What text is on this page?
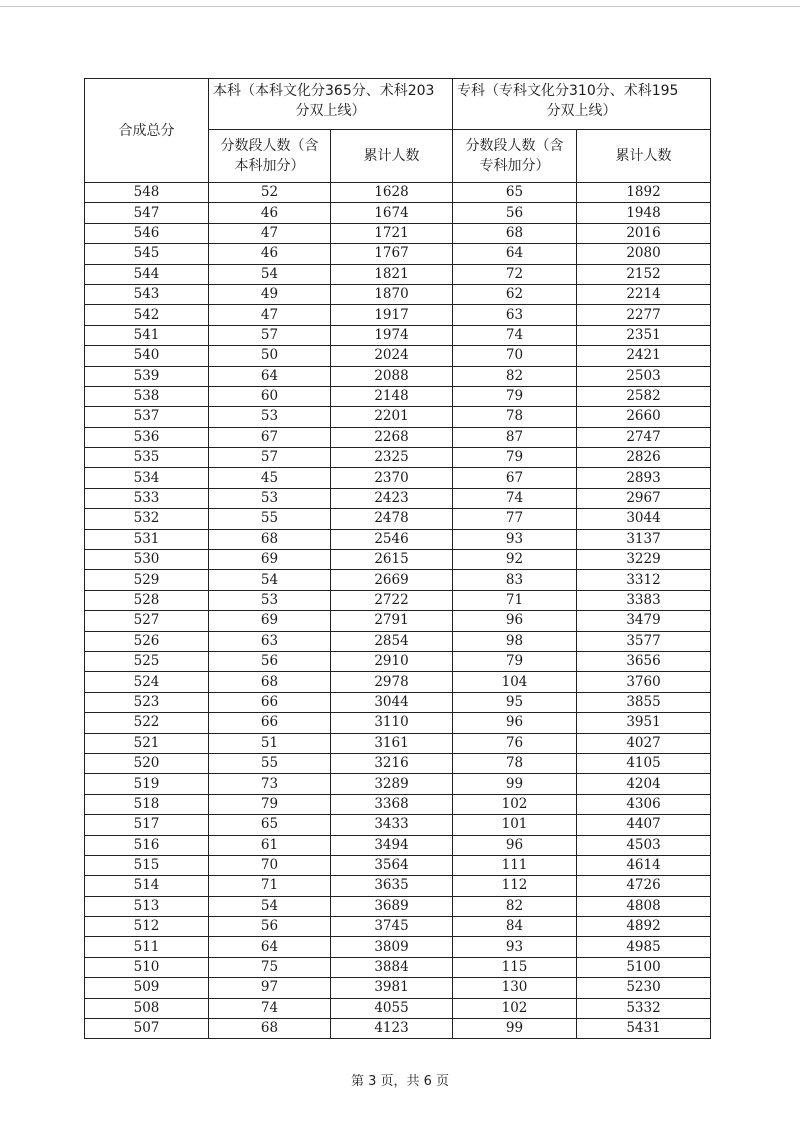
合成总分	本科（本科文化分365分、术科203
分双上线）		专科（专科文化分310分、术科195
分双上线）	

	分数段人数（含
本科加分）	累计人数	分数段人数（含
专科加分）	累计人数
548	52	1628	65	1892
547	46	1674	56	1948
546	47	1721	68	2016
545	46	1767	64	2080
544	54	1821	72	2152
543	49	1870	62	2214
542	47	1917	63	2277
541	57	1974	74	2351
540	50	2024	70	2421
539	64	2088	82	2503
538	60	2148	79	2582
537	53	2201	78	2660
536	67	2268	87	2747
535	57	2325	79	2826
534	45	2370	67	2893
533	53	2423	74	2967
532	55	2478	77	3044
531	68	2546	93	3137
530	69	2615	92	3229
529	54	2669	83	3312
528	53	2722	71	3383
527	69	2791	96	3479
526	63	2854	98	3577
525	56	2910	79	3656
524	68	2978	104	3760
523	66	3044	95	3855
522	66	3110	96	3951
521	51	3161	76	4027
520	55	3216	78	4105
519	73	3289	99	4204
518	79	3368	102	4306
517	65	3433	101	4407
516	61	3494	96	4503
515	70	3564	111	4614
514	71	3635	112	4726
513	54	3689	82	4808
512	56	3745	84	4892
511	64	3809	93	4985
510	75	3884	115	5100
509	97	3981	130	5230
508	74	4055	102	5332
507	68	4123	99	5431
第 3 页，共 6 页
